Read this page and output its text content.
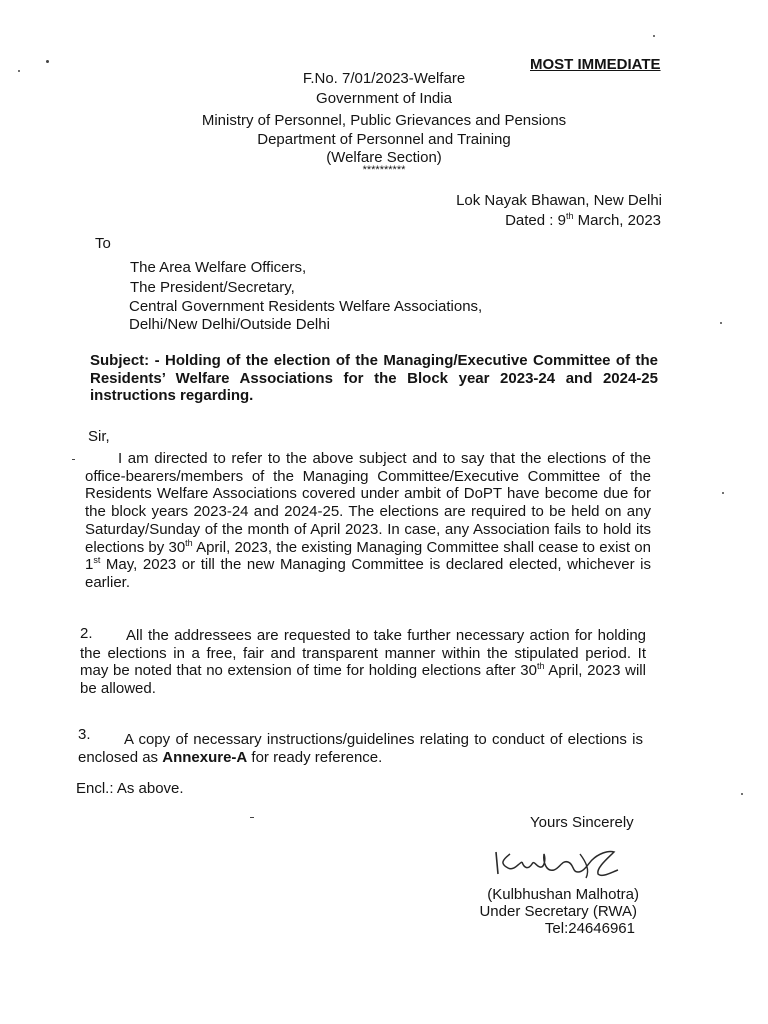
MOST IMMEDIATE
F.No. 7/01/2023-Welfare
Government of India
Ministry of Personnel, Public Grievances and Pensions
Department of Personnel and Training
(Welfare Section)
**********
Lok Nayak Bhawan, New Delhi
Dated : 9th March, 2023
To
The Area Welfare Officers,
The President/Secretary,
Central Government Residents Welfare Associations,
Delhi/New Delhi/Outside Delhi
Subject: - Holding of the election of the Managing/Executive Committee of the Residents’ Welfare Associations for the Block year 2023-24 and 2024-25 instructions regarding.
Sir,

I am directed to refer to the above subject and to say that the elections of the office-bearers/members of the Managing Committee/Executive Committee of the Residents Welfare Associations covered under ambit of DoPT have become due for the block years 2023-24 and 2024-25. The elections are required to be held on any Saturday/Sunday of the month of April 2023. In case, any Association fails to hold its elections by 30th April, 2023, the existing Managing Committee shall cease to exist on 1st May, 2023 or till the new Managing Committee is declared elected, whichever is earlier.

2.	All the addressees are requested to take further necessary action for holding the elections in a free, fair and transparent manner within the stipulated period. It may be noted that no extension of time for holding elections after 30th April, 2023 will be allowed.

3.	A copy of necessary instructions/guidelines relating to conduct of elections is enclosed as Annexure-A for ready reference.

Encl.: As above.
Yours Sincerely
(Kulbhushan Malhotra)
Under Secretary (RWA)
Tel:24646961
